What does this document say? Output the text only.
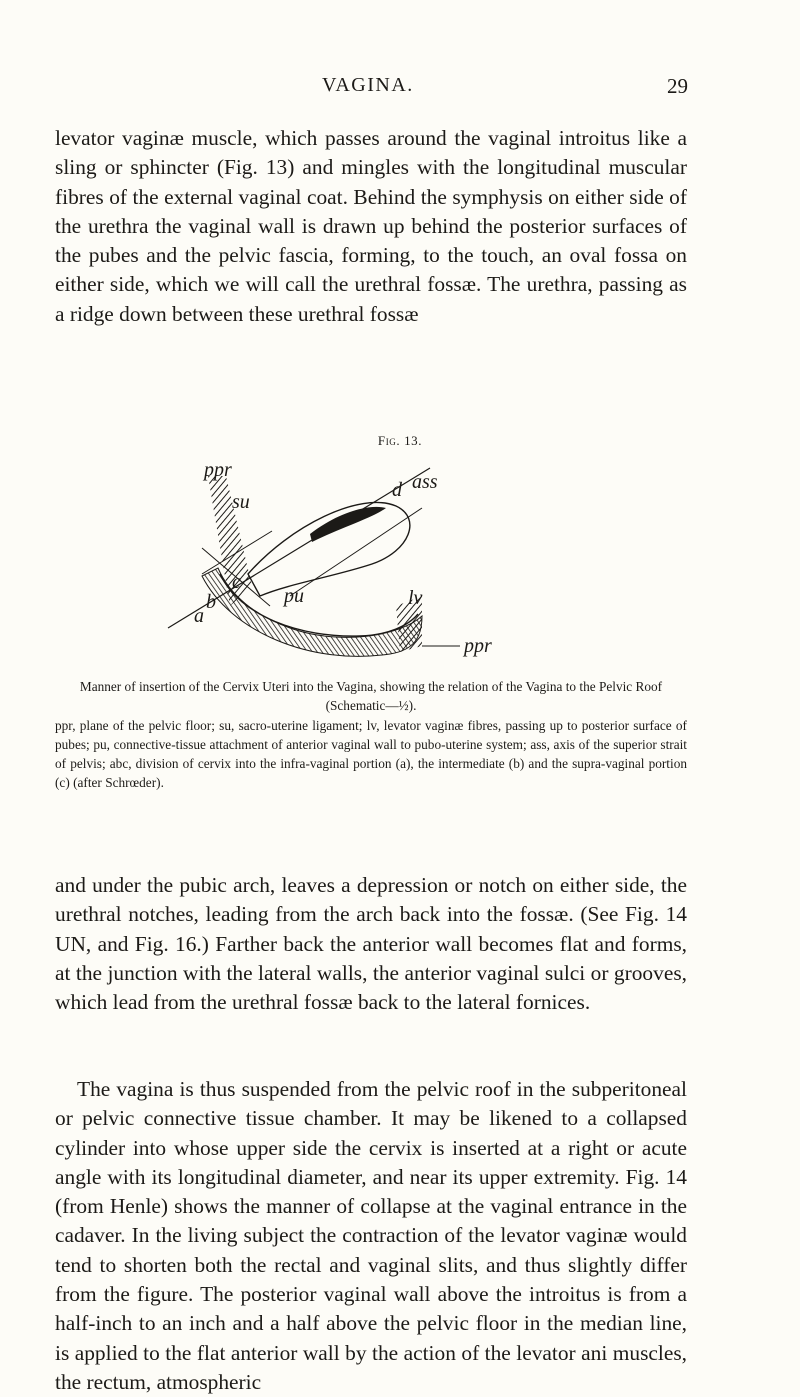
VAGINA.	29

levator vaginæ muscle, which passes around the vaginal introitus like a sling or sphincter (Fig. 13) and mingles with the longitudinal muscular fibres of the external vaginal coat. Behind the symphysis on either side of the urethra the vaginal wall is drawn up behind the posterior surfaces of the pubes and the pelvic fascia, forming, to the touch, an oval fossa on either side, which we will call the urethral fossæ. The urethra, passing as a ridge down between these urethral fossæ

Fig. 13.
ppr
su
d ass
c
b
a
pu	lv
ppr
Manner of insertion of the Cervix Uteri into the Vagina, showing the relation of the Vagina to the Pelvic Roof (Schematic—½).
ppr, plane of the pelvic floor; su, sacro-uterine ligament; lv, levator vaginæ fibres, passing up to posterior surface of pubes; pu, connective-tissue attachment of anterior vaginal wall to pubo-uterine system; ass, axis of the superior strait of pelvis; abc, division of cervix into the infra-vaginal portion (a), the intermediate (b) and the supra-vaginal portion (c) (after Schrœder).

and under the pubic arch, leaves a depression or notch on either side, the urethral notches, leading from the arch back into the fossæ. (See Fig. 14 UN, and Fig. 16.) Farther back the anterior wall becomes flat and forms, at the junction with the lateral walls, the anterior vaginal sulci or grooves, which lead from the urethral fossæ back to the lateral fornices.

The vagina is thus suspended from the pelvic roof in the subperitoneal or pelvic connective tissue chamber. It may be likened to a collapsed cylinder into whose upper side the cervix is inserted at a right or acute angle with its longitudinal diameter, and near its upper extremity. Fig. 14 (from Henle) shows the manner of collapse at the vaginal entrance in the cadaver. In the living subject the contraction of the levator vaginæ would tend to shorten both the rectal and vaginal slits, and thus slightly differ from the figure. The posterior vaginal wall above the introitus is from a half-inch to an inch and a half above the pelvic floor in the median line, is applied to the flat anterior wall by the action of the levator ani muscles, the rectum, atmospheric
